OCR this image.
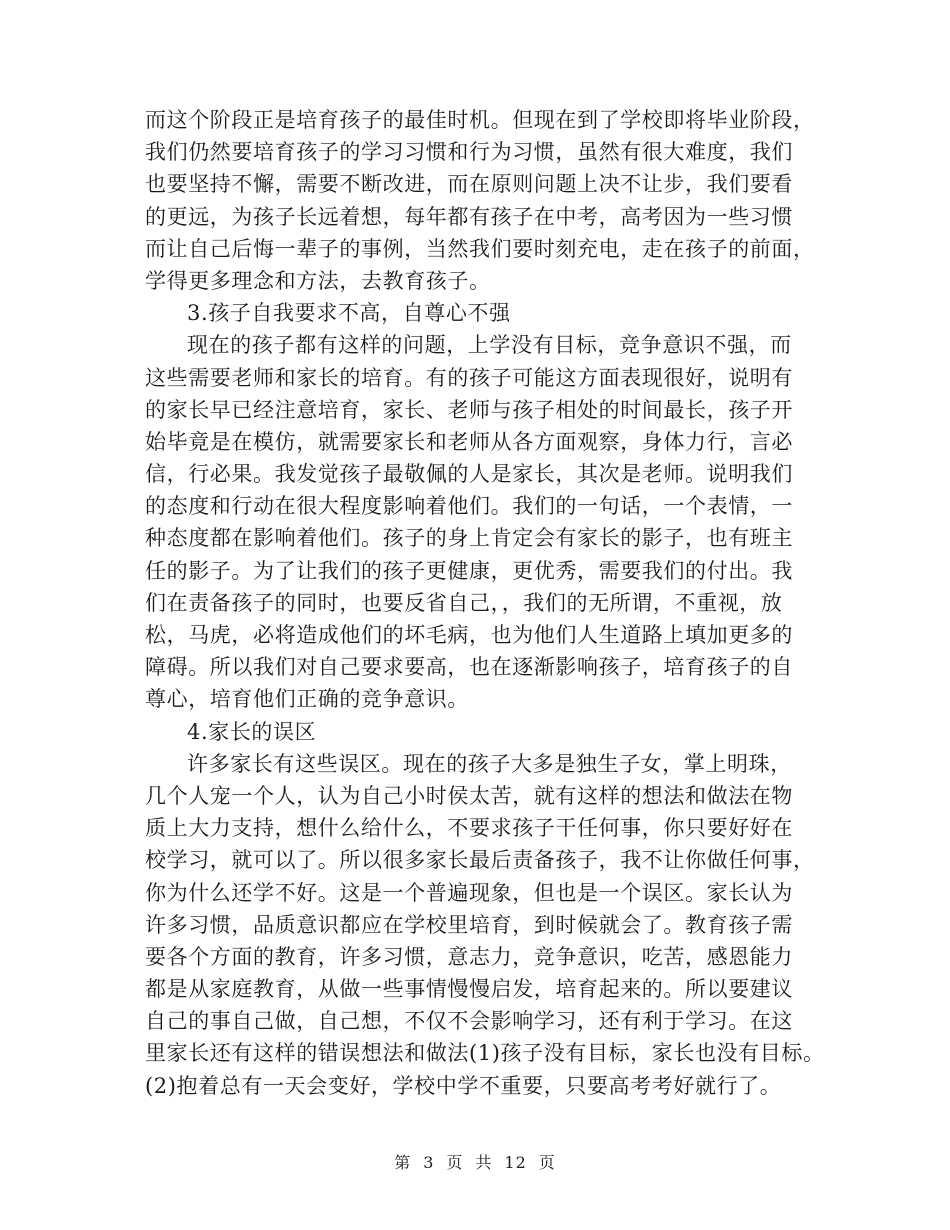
而这个阶段正是培育孩子的最佳时机。但现在到了学校即将毕业阶段，
我们仍然要培育孩子的学习习惯和行为习惯，虽然有很大难度，我们
也要坚持不懈，需要不断改进，而在原则问题上决不让步，我们要看
的更远，为孩子长远着想，每年都有孩子在中考，高考因为一些习惯
而让自己后悔一辈子的事例，当然我们要时刻充电，走在孩子的前面，
学得更多理念和方法，去教育孩子。
3.孩子自我要求不高，自尊心不强
现在的孩子都有这样的问题，上学没有目标，竞争意识不强，而
这些需要老师和家长的培育。有的孩子可能这方面表现很好，说明有
的家长早已经注意培育，家长、老师与孩子相处的时间最长，孩子开
始毕竟是在模仿，就需要家长和老师从各方面观察，身体力行，言必
信，行必果。我发觉孩子最敬佩的人是家长，其次是老师。说明我们
的态度和行动在很大程度影响着他们。我们的一句话，一个表情，一
种态度都在影响着他们。孩子的身上肯定会有家长的影子，也有班主
任的影子。为了让我们的孩子更健康，更优秀，需要我们的付出。我
们在责备孩子的同时，也要反省自己，，我们的无所谓，不重视，放
松，马虎，必将造成他们的坏毛病，也为他们人生道路上填加更多的
障碍。所以我们对自己要求要高，也在逐渐影响孩子，培育孩子的自
尊心，培育他们正确的竞争意识。
4.家长的误区
许多家长有这些误区。现在的孩子大多是独生子女，掌上明珠，
几个人宠一个人，认为自己小时侯太苦，就有这样的想法和做法在物
质上大力支持，想什么给什么，不要求孩子干任何事，你只要好好在
校学习，就可以了。所以很多家长最后责备孩子，我不让你做任何事，
你为什么还学不好。这是一个普遍现象，但也是一个误区。家长认为
许多习惯，品质意识都应在学校里培育，到时候就会了。教育孩子需
要各个方面的教育，许多习惯，意志力，竞争意识，吃苦，感恩能力
都是从家庭教育，从做一些事情慢慢启发，培育起来的。所以要建议
自己的事自己做，自己想，不仅不会影响学习，还有利于学习。在这
里家长还有这样的错误想法和做法(1)孩子没有目标，家长也没有目标。
(2)抱着总有一天会变好，学校中学不重要，只要高考考好就行了。
第 3 页 共 12 页
